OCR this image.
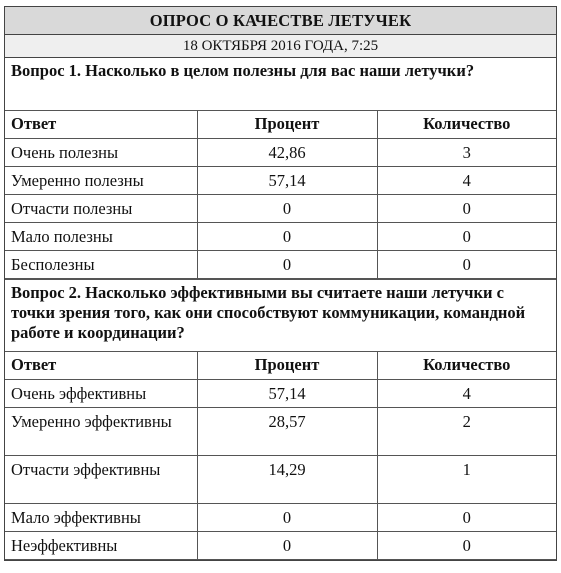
ОПРОС О КАЧЕСТВЕ ЛЕТУЧЕК
18 ОКТЯБРЯ 2016 ГОДА, 7:25
Вопрос 1. Насколько в целом полезны для вас наши летучки?		
Ответ	Процент	Количество
Очень полезны	42,86	3
Умеренно полезны	57,14	4
Отчасти полезны	0	0
Мало полезны	0	0
Бесполезны	0	0
Вопрос 2. Насколько эффективными вы считаете наши летучки с точки зрения того, как они способствуют коммуникации, командной работе и координации?		
Ответ	Процент	Количество
Очень эффективны	57,14	4
Умеренно эффективны	28,57	2
Отчасти эффективны	14,29	1
Мало эффективны	0	0
Неэффективны	0	0
